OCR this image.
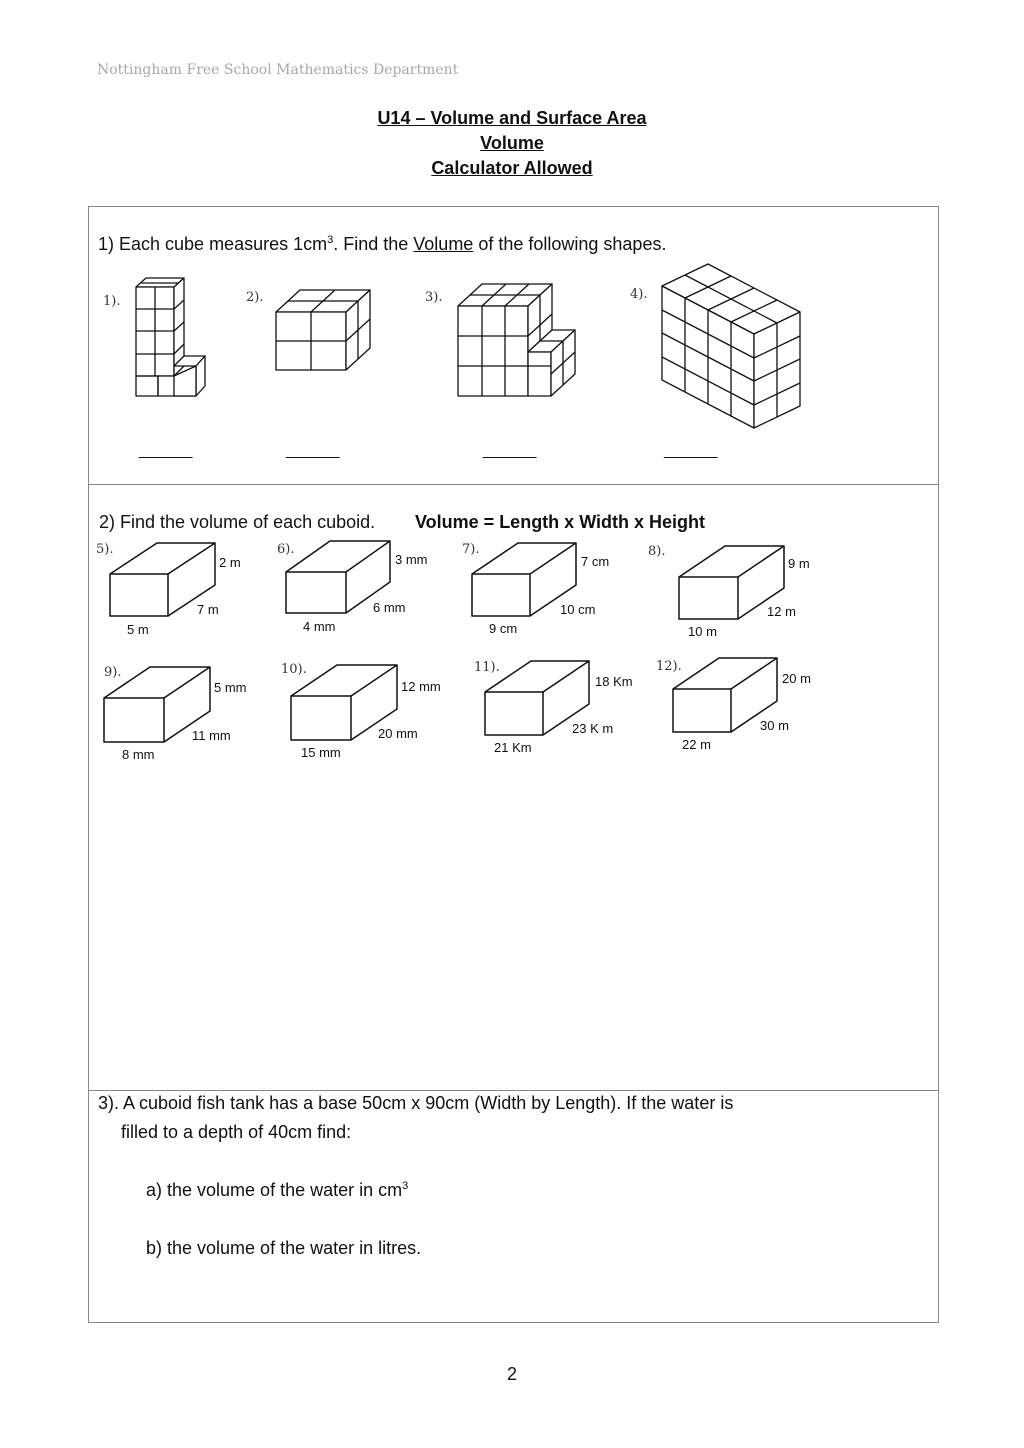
Nottingham Free School Mathematics Department
U14 – Volume and Surface Area
Volume
Calculator Allowed
1) Each cube measures $1cm^3$. Find the Volume of the following shapes.
1).	2).	3).	4).
______	______	______	______
5).	6).	7).	8).
9).	10).	11).	12).
2 m
7 m
5 m
3 mm
6 mm
4 mm
7 cm
10 cm
9 cm
9 m
12 m
10 m
5 mm
11 mm
8 mm
12 mm
20 mm
15 mm
18 Km
23 K m
21 Km
20 m
30 m
22 m
2) Find the volume of each cuboid. Volume = Length x Width x Height
3). A cuboid fish tank has a base 50cm x 90cm (Width by Length). If the water is
filled to a depth of 40cm find:
a) the volume of the water in $cm^3$
b) the volume of the water in litres.
2
